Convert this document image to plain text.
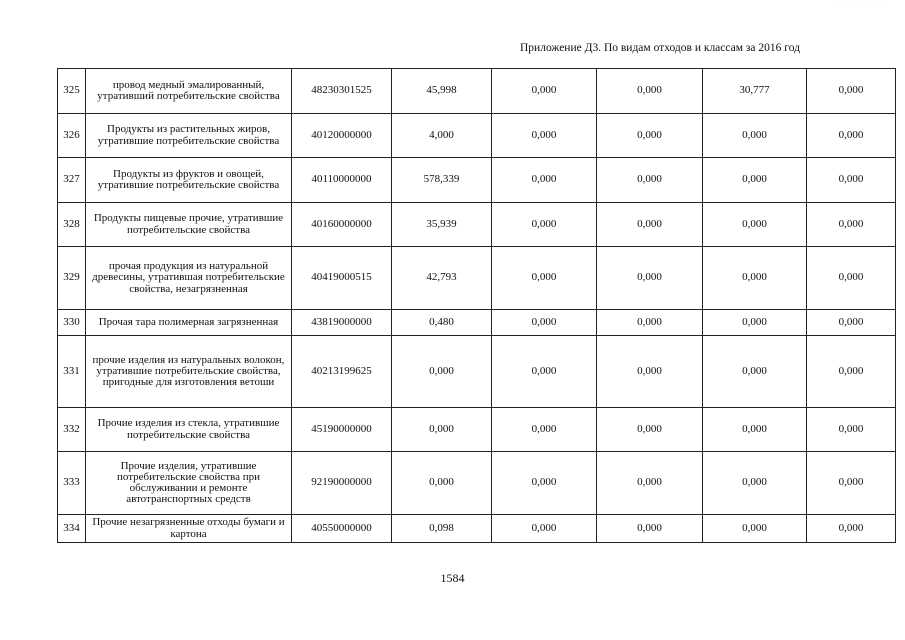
· · · · · · ·
Приложение Д3. По видам отходов и классам за 2016 год
325	провод медный эмалированный, утративший потребительские свойства	48230301525	45,998	0,000	0,000	30,777	0,000
326	Продукты из растительных жиров, утратившие потребительские свойства	40120000000	4,000	0,000	0,000	0,000	0,000
327	Продукты из фруктов и овощей, утратившие потребительские свойства	40110000000	578,339	0,000	0,000	0,000	0,000
328	Продукты пищевые прочие, утратившие потребительские свойства	40160000000	35,939	0,000	0,000	0,000	0,000
329	прочая продукция из натуральной древесины, утратившая потребительские свойства, незагрязненная	40419000515	42,793	0,000	0,000	0,000	0,000
330	Прочая тара полимерная загрязненная	43819000000	0,480	0,000	0,000	0,000	0,000
331	прочие изделия из натуральных волокон, утратившие потребительские свойства, пригодные для изготовления ветоши	40213199625	0,000	0,000	0,000	0,000	0,000
332	Прочие изделия из стекла, утратившие потребительские свойства	45190000000	0,000	0,000	0,000	0,000	0,000
333	Прочие изделия, утратившие потребительские свойства при обслуживании и ремонте автотранспортных средств	92190000000	0,000	0,000	0,000	0,000	0,000
334	Прочие незагрязненные отходы бумаги и картона	40550000000	0,098	0,000	0,000	0,000	0,000
1584
